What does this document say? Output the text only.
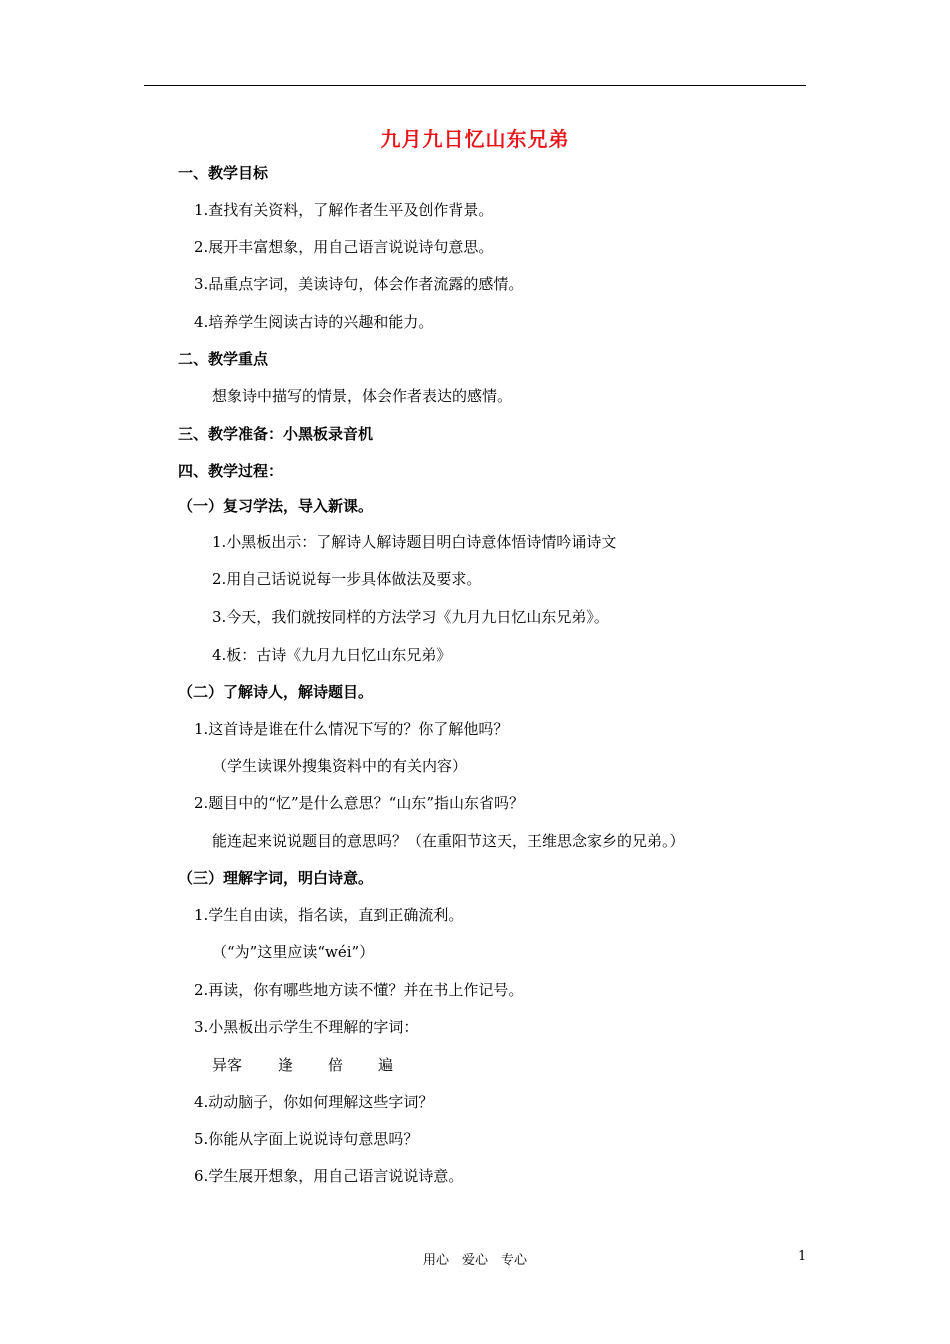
九月九日忆山东兄弟
一、教学目标
1.查找有关资料，了解作者生平及创作背景。
2.展开丰富想象，用自己语言说说诗句意思。
3.品重点字词，美读诗句，体会作者流露的感情。
4.培养学生阅读古诗的兴趣和能力。
二、教学重点
想象诗中描写的情景，体会作者表达的感情。
三、教学准备：小黑板录音机
四、教学过程：
（一）复习学法，导入新课。
1.小黑板出示：了解诗人解诗题目明白诗意体悟诗情吟诵诗文
2.用自己话说说每一步具体做法及要求。
3.今天，我们就按同样的方法学习《九月九日忆山东兄弟》。
4.板：古诗《九月九日忆山东兄弟》
（二）了解诗人，解诗题目。
1.这首诗是谁在什么情况下写的？你了解他吗？
（学生读课外搜集资料中的有关内容）
2.题目中的“忆”是什么意思？“山东”指山东省吗？
能连起来说说题目的意思吗？（在重阳节这天，王维思念家乡的兄弟。）
（三）理解字词，明白诗意。
1.学生自由读，指名读，直到正确流利。
（“为”这里应读“wéi”）
2.再读，你有哪些地方读不懂？并在书上作记号。
3.小黑板出示学生不理解的字词：
异客 逢 倍 遍
4.动动脑子，你如何理解这些字词？
5.你能从字面上说说诗句意思吗？
6.学生展开想象，用自己语言说说诗意。
用心　爱心　专心	1
